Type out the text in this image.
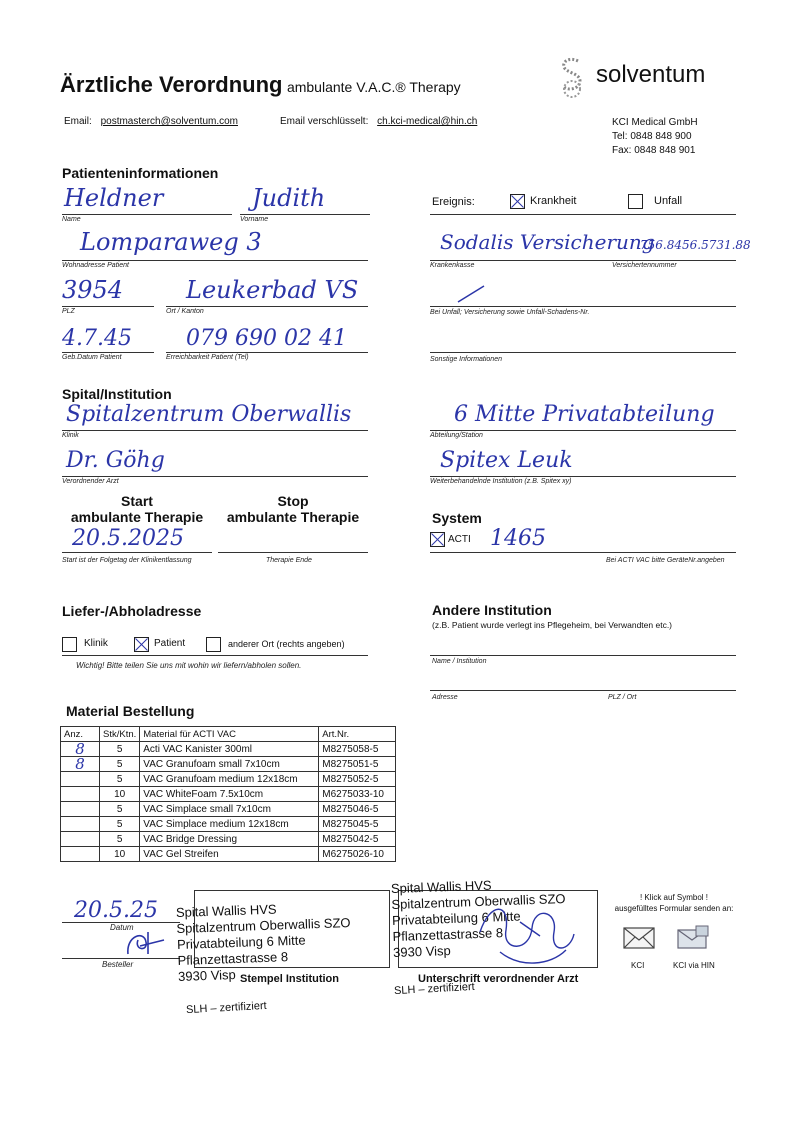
Ärztliche Verordnung ambulante V.A.C.® Therapy	solventum
Email: postmasterch@solventum.com	Email verschlüsselt: ch.kci-medical@hin.ch	KCI Medical GmbH
Tel: 0848 848 900
Fax: 0848 848 901
Patienteninformationen
Heldner
Name
Judith
Vorname
Lomparaweg 3
Wohnadresse Patient
3954
PLZ
Leukerbad VS
Ort / Kanton
4.7.45
Geb.Datum Patient
079 690 02 41
Erreichbarkeit Patient (Tel)
Ereignis:	Krankheit	Unfall
Sodalis Versicherung
756.8456.5731.88
Krankenkasse	Versichertennummer
Bei Unfall; Versicherung sowie Unfall-Schadens-Nr.
Sonstige Informationen
Spital/Institution
Spitalzentrum Oberwallis
Klinik
6 Mitte Privatabteilung
Abteilung/Station
Dr. Göhg
Verordnender Arzt
Spitex Leuk
Weiterbehandelnde Institution (z.B. Spitex xy)
Start
ambulante Therapie
Stop
ambulante Therapie
20.5.2025
Start ist der Folgetag der Klinikentlassung	Therapie Ende
System
ACTI 1465
Bei ACTI VAC bitte GeräteNr.angeben
Liefer-/Abholadresse
Klinik	Patient	anderer Ort (rechts angeben)
Wichtig! Bitte teilen Sie uns mit wohin wir liefern/abholen sollen.
Andere Institution
(z.B. Patient wurde verlegt ins Pflegeheim, bei Verwandten etc.)
Name / Institution
Adresse	PLZ / Ort
Material Bestellung
Anz.	Stk/Ktn.	Material für ACTI VAC	Art.Nr.
8	5	Acti VAC Kanister 300ml	M8275058-5
8	5	VAC Granufoam small 7x10cm	M8275051-5
	5	VAC Granufoam medium 12x18cm	M8275052-5
	10	VAC WhiteFoam 7.5x10cm	M6275033-10
	5	VAC Simplace small 7x10cm	M8275046-5
	5	VAC Simplace medium 12x18cm	M8275045-5
	5	VAC Bridge Dressing	M8275042-5
	10	VAC Gel Streifen	M6275026-10
20.5.25
Datum
Besteller
Spital Wallis HVS
Spitalzentrum Oberwallis SZO
Privatabteilung 6 Mitte
Pflanzettastrasse 8
3930 Visp Stempel Institution
SLH – zertifiziert
Spital Wallis HVS
Spitalzentrum Oberwallis SZO
Privatabteilung 6 Mitte
Pflanzettastrasse 8
3930 Visp
Unterschrift verordnender Arzt
SLH – zertifiziert
! Klick auf Symbol !
ausgefülltes Formular senden an:
KCI	KCI via HIN
